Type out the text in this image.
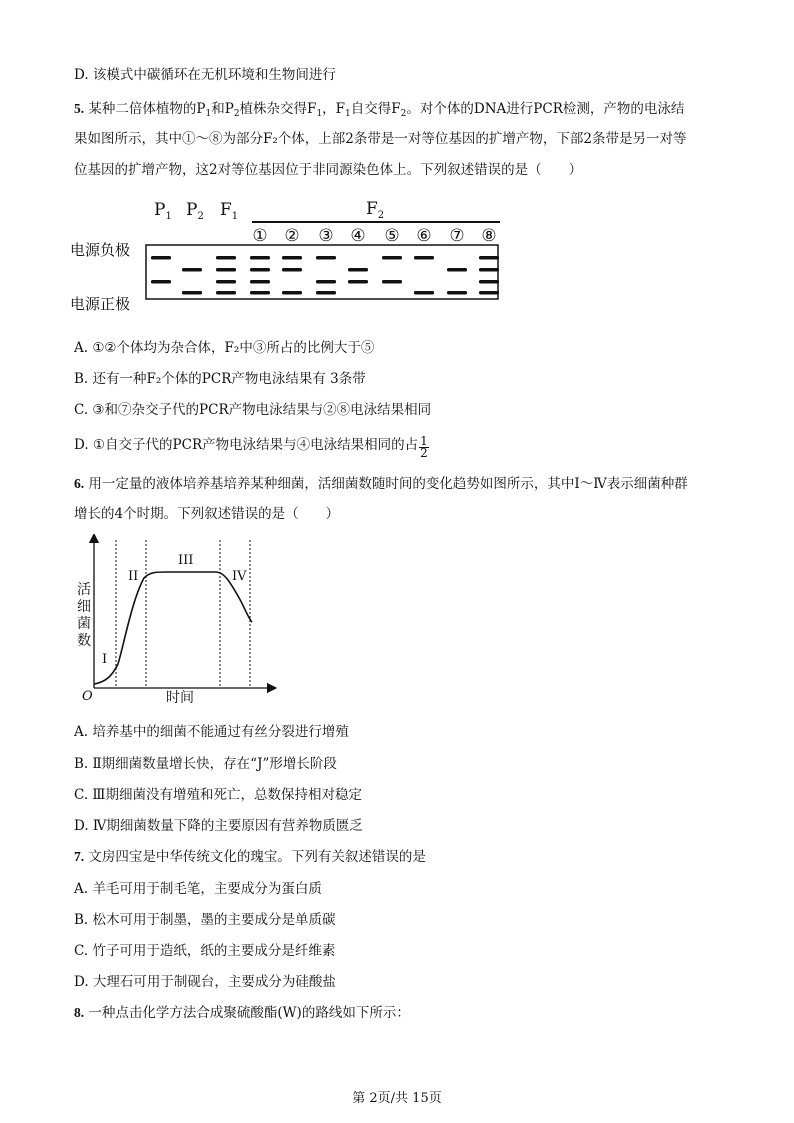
D. 该模式中碳循环在无机环境和生物间进行
5. 某种二倍体植物的$P_1$和$P_2$植株杂交得$F_1$，$F_1$自交得$F_2$。对个体的DNA进行PCR检测，产物的电泳结
果如图所示，其中①～⑧为部分F₂个体，上部2条带是一对等位基因的扩增产物，下部2条带是另一对等
位基因的扩增产物，这2对等位基因位于非同源染色体上。下列叙述错误的是（　　）
$P_1$ $P_2$ $F_1$	$F_2$
① ② ③ ④ ⑤ ⑥ ⑦ ⑧
电源负极
电源正极
A. ①②个体均为杂合体，F₂中③所占的比例大于⑤
B. 还有一种F₂个体的PCR产物电泳结果有 3条带
C. ③和⑦杂交子代的PCR产物电泳结果与②⑧电泳结果相同
D. ①自交子代的PCR产物电泳结果与④电泳结果相同的占 $\frac{1}{2}$
6. 用一定量的液体培养基培养某种细菌，活细菌数随时间的变化趋势如图所示，其中Ⅰ～Ⅳ表示细菌种群
增长的4个时期。下列叙述错误的是（　　）
I
II
III
IV
活
细
菌
数
O	时间
A. 培养基中的细菌不能通过有丝分裂进行增殖
B. Ⅱ期细菌数量增长快，存在“J”形增长阶段
C. Ⅲ期细菌没有增殖和死亡，总数保持相对稳定
D. Ⅳ期细菌数量下降的主要原因有营养物质匮乏
7. 文房四宝是中华传统文化的瑰宝。下列有关叙述错误的是
A. 羊毛可用于制毛笔，主要成分为蛋白质
B. 松木可用于制墨，墨的主要成分是单质碳
C. 竹子可用于造纸，纸的主要成分是纤维素
D. 大理石可用于制砚台，主要成分为硅酸盐
8. 一种点击化学方法合成聚硫酸酯(W)的路线如下所示：
第 2页/共 15页
